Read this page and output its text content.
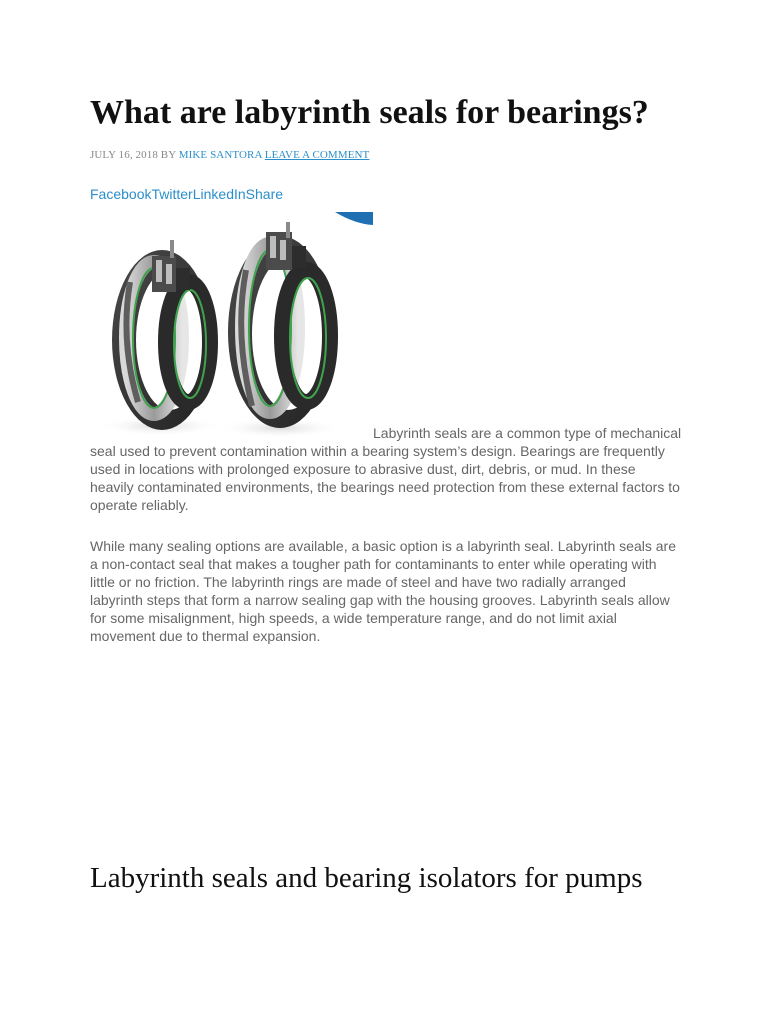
What are labyrinth seals for bearings?
JULY 16, 2018 BY MIKE SANTORA LEAVE A COMMENT
FacebookTwitterLinkedInShare

Labyrinth seals are a common type of mechanical seal used to prevent contamination within a bearing system’s design. Bearings are frequently used in locations with prolonged exposure to abrasive dust, dirt, debris, or mud. In these heavily contaminated environments, the bearings need protection from these external factors to operate reliably.

While many sealing options are available, a basic option is a labyrinth seal. Labyrinth seals are a non-contact seal that makes a tougher path for contaminants to enter while operating with little or no friction. The labyrinth rings are made of steel and have two radially arranged labyrinth steps that form a narrow sealing gap with the housing grooves. Labyrinth seals allow for some misalignment, high speeds, a wide temperature range, and do not limit axial movement due to thermal expansion.

Labyrinth seals and bearing isolators for pumps
